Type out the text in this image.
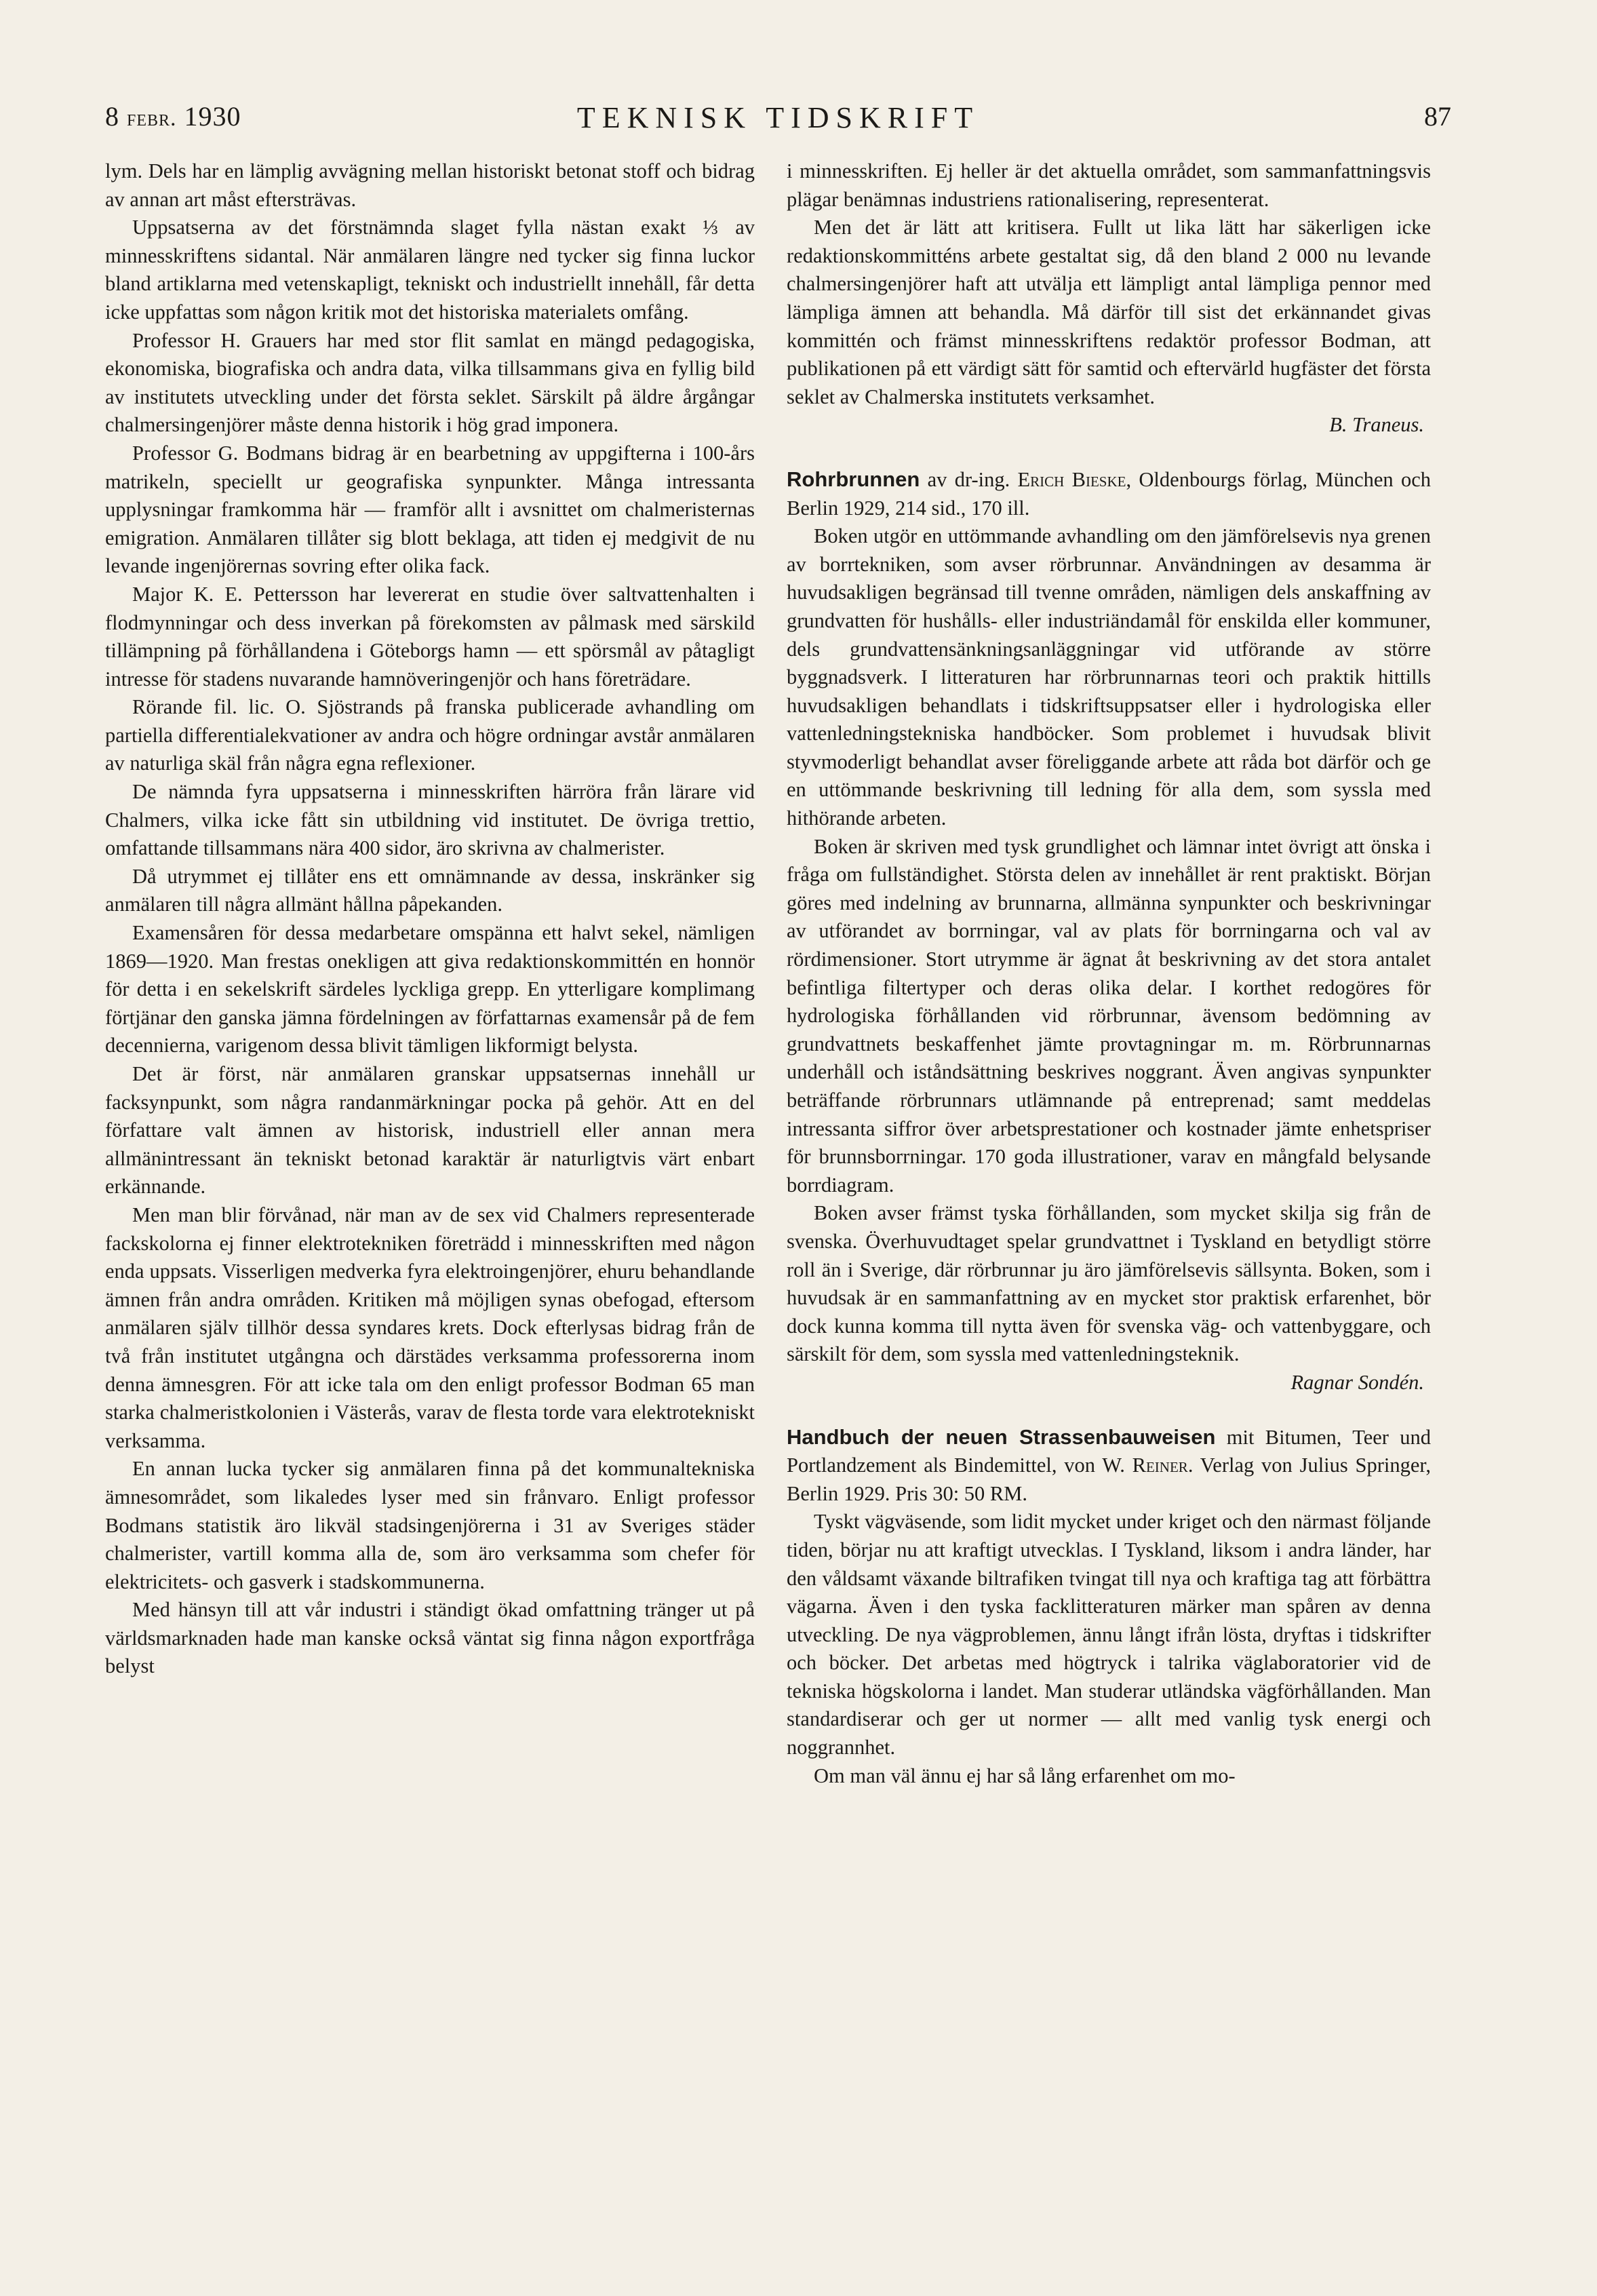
8 febr. 1930	TEKNISK TIDSKRIFT	87

lym. Dels har en lämplig avvägning mellan historiskt betonat stoff och bidrag av annan art måst eftersträvas.

Uppsatserna av det förstnämnda slaget fylla nästan exakt ⅓ av minnesskriftens sidantal. När anmälaren längre ned tycker sig finna luckor bland artiklarna med vetenskapligt, tekniskt och industriellt innehåll, får detta icke uppfattas som någon kritik mot det historiska materialets omfång.

Professor H. Grauers har med stor flit samlat en mängd pedagogiska, ekonomiska, biografiska och andra data, vilka tillsammans giva en fyllig bild av institutets utveckling under det första seklet. Särskilt på äldre årgångar chalmersingenjörer måste denna historik i hög grad imponera.

Professor G. Bodmans bidrag är en bearbetning av uppgifterna i 100-års matrikeln, speciellt ur geografiska synpunkter. Många intressanta upplysningar framkomma här — framför allt i avsnittet om chalmeristernas emigration. Anmälaren tillåter sig blott beklaga, att tiden ej medgivit de nu levande ingenjörernas sovring efter olika fack.

Major K. E. Pettersson har levererat en studie över saltvattenhalten i flodmynningar och dess inverkan på förekomsten av pålmask med särskild tillämpning på förhållandena i Göteborgs hamn — ett spörsmål av påtagligt intresse för stadens nuvarande hamnöveringenjör och hans företrädare.

Rörande fil. lic. O. Sjöstrands på franska publicerade avhandling om partiella differentialekvationer av andra och högre ordningar avstår anmälaren av naturliga skäl från några egna reflexioner.

De nämnda fyra uppsatserna i minnesskriften härröra från lärare vid Chalmers, vilka icke fått sin utbildning vid institutet. De övriga trettio, omfattande tillsammans nära 400 sidor, äro skrivna av chalmerister.

Då utrymmet ej tillåter ens ett omnämnande av dessa, inskränker sig anmälaren till några allmänt hållna påpekanden.

Examensåren för dessa medarbetare omspänna ett halvt sekel, nämligen 1869—1920. Man frestas onekligen att giva redaktionskommittén en honnör för detta i en sekelskrift särdeles lyckliga grepp. En ytterligare komplimang förtjänar den ganska jämna fördelningen av författarnas examensår på de fem decennierna, varigenom dessa blivit tämligen likformigt belysta.

Det är först, när anmälaren granskar uppsatsernas innehåll ur facksynpunkt, som några randanmärkningar pocka på gehör. Att en del författare valt ämnen av historisk, industriell eller annan mera allmänintressant än tekniskt betonad karaktär är naturligtvis värt enbart erkännande.

Men man blir förvånad, när man av de sex vid Chalmers representerade fackskolorna ej finner elektrotekniken företrädd i minnesskriften med någon enda uppsats. Visserligen medverka fyra elektroingenjörer, ehuru behandlande ämnen från andra områden. Kritiken må möjligen synas obefogad, eftersom anmälaren själv tillhör dessa syndares krets. Dock efterlysas bidrag från de två från institutet utgångna och därstädes verksamma professorerna inom denna ämnesgren. För att icke tala om den enligt professor Bodman 65 man starka chalmeristkolonien i Västerås, varav de flesta torde vara elektrotekniskt verksamma.

En annan lucka tycker sig anmälaren finna på det kommunaltekniska ämnesområdet, som likaledes lyser med sin frånvaro. Enligt professor Bodmans statistik äro likväl stadsingenjörerna i 31 av Sveriges städer chalmerister, vartill komma alla de, som äro verksamma som chefer för elektricitets- och gasverk i stadskommunerna.

Med hänsyn till att vår industri i ständigt ökad omfattning tränger ut på världsmarknaden hade man kanske också väntat sig finna någon exportfråga belyst

i minnesskriften. Ej heller är det aktuella området, som sammanfattningsvis plägar benämnas industriens rationalisering, representerat.

Men det är lätt att kritisera. Fullt ut lika lätt har säkerligen icke redaktionskommitténs arbete gestaltat sig, då den bland 2 000 nu levande chalmersingenjörer haft att utvälja ett lämpligt antal lämpliga pennor med lämpliga ämnen att behandla. Må därför till sist det erkännandet givas kommittén och främst minnesskriftens redaktör professor Bodman, att publikationen på ett värdigt sätt för samtid och eftervärld hugfäster det första seklet av Chalmerska institutets verksamhet.

B. Traneus.

Rohrbrunnen av dr-ing. Erich Bieske, Oldenbourgs förlag, München och Berlin 1929, 214 sid., 170 ill.

Boken utgör en uttömmande avhandling om den jämförelsevis nya grenen av borrtekniken, som avser rörbrunnar. Användningen av desamma är huvudsakligen begränsad till tvenne områden, nämligen dels anskaffning av grundvatten för hushålls- eller industriändamål för enskilda eller kommuner, dels grundvattensänkningsanläggningar vid utförande av större byggnadsverk. I litteraturen har rörbrunnarnas teori och praktik hittills huvudsakligen behandlats i tidskriftsuppsatser eller i hydrologiska eller vattenledningstekniska handböcker. Som problemet i huvudsak blivit styvmoderligt behandlat avser föreliggande arbete att råda bot därför och ge en uttömmande beskrivning till ledning för alla dem, som syssla med hithörande arbeten.

Boken är skriven med tysk grundlighet och lämnar intet övrigt att önska i fråga om fullständighet. Största delen av innehållet är rent praktiskt. Början göres med indelning av brunnarna, allmänna synpunkter och beskrivningar av utförandet av borrningar, val av plats för borrningarna och val av rördimensioner. Stort utrymme är ägnat åt beskrivning av det stora antalet befintliga filtertyper och deras olika delar. I korthet redogöres för hydrologiska förhållanden vid rörbrunnar, ävensom bedömning av grundvattnets beskaffenhet jämte provtagningar m. m. Rörbrunnarnas underhåll och iståndsättning beskrives noggrant. Även angivas synpunkter beträffande rörbrunnars utlämnande på entreprenad; samt meddelas intressanta siffror över arbetsprestationer och kostnader jämte enhetspriser för brunnsborrningar. 170 goda illustrationer, varav en mångfald belysande borrdiagram.

Boken avser främst tyska förhållanden, som mycket skilja sig från de svenska. Överhuvudtaget spelar grundvattnet i Tyskland en betydligt större roll än i Sverige, där rörbrunnar ju äro jämförelsevis sällsynta. Boken, som i huvudsak är en sammanfattning av en mycket stor praktisk erfarenhet, bör dock kunna komma till nytta även för svenska väg- och vattenbyggare, och särskilt för dem, som syssla med vattenledningsteknik.

Ragnar Sondén.

Handbuch der neuen Strassenbauweisen mit Bitumen, Teer und Portlandzement als Bindemittel, von W. Reiner. Verlag von Julius Springer, Berlin 1929. Pris 30: 50 RM.

Tyskt vägväsende, som lidit mycket under kriget och den närmast följande tiden, börjar nu att kraftigt utvecklas. I Tyskland, liksom i andra länder, har den våldsamt växande biltrafiken tvingat till nya och kraftiga tag att förbättra vägarna. Även i den tyska facklitteraturen märker man spåren av denna utveckling. De nya vägproblemen, ännu långt ifrån lösta, dryftas i tidskrifter och böcker. Det arbetas med högtryck i talrika väglaboratorier vid de tekniska högskolorna i landet. Man studerar utländska vägförhållanden. Man standardiserar och ger ut normer — allt med vanlig tysk energi och noggrannhet.

Om man väl ännu ej har så lång erfarenhet om mo-
